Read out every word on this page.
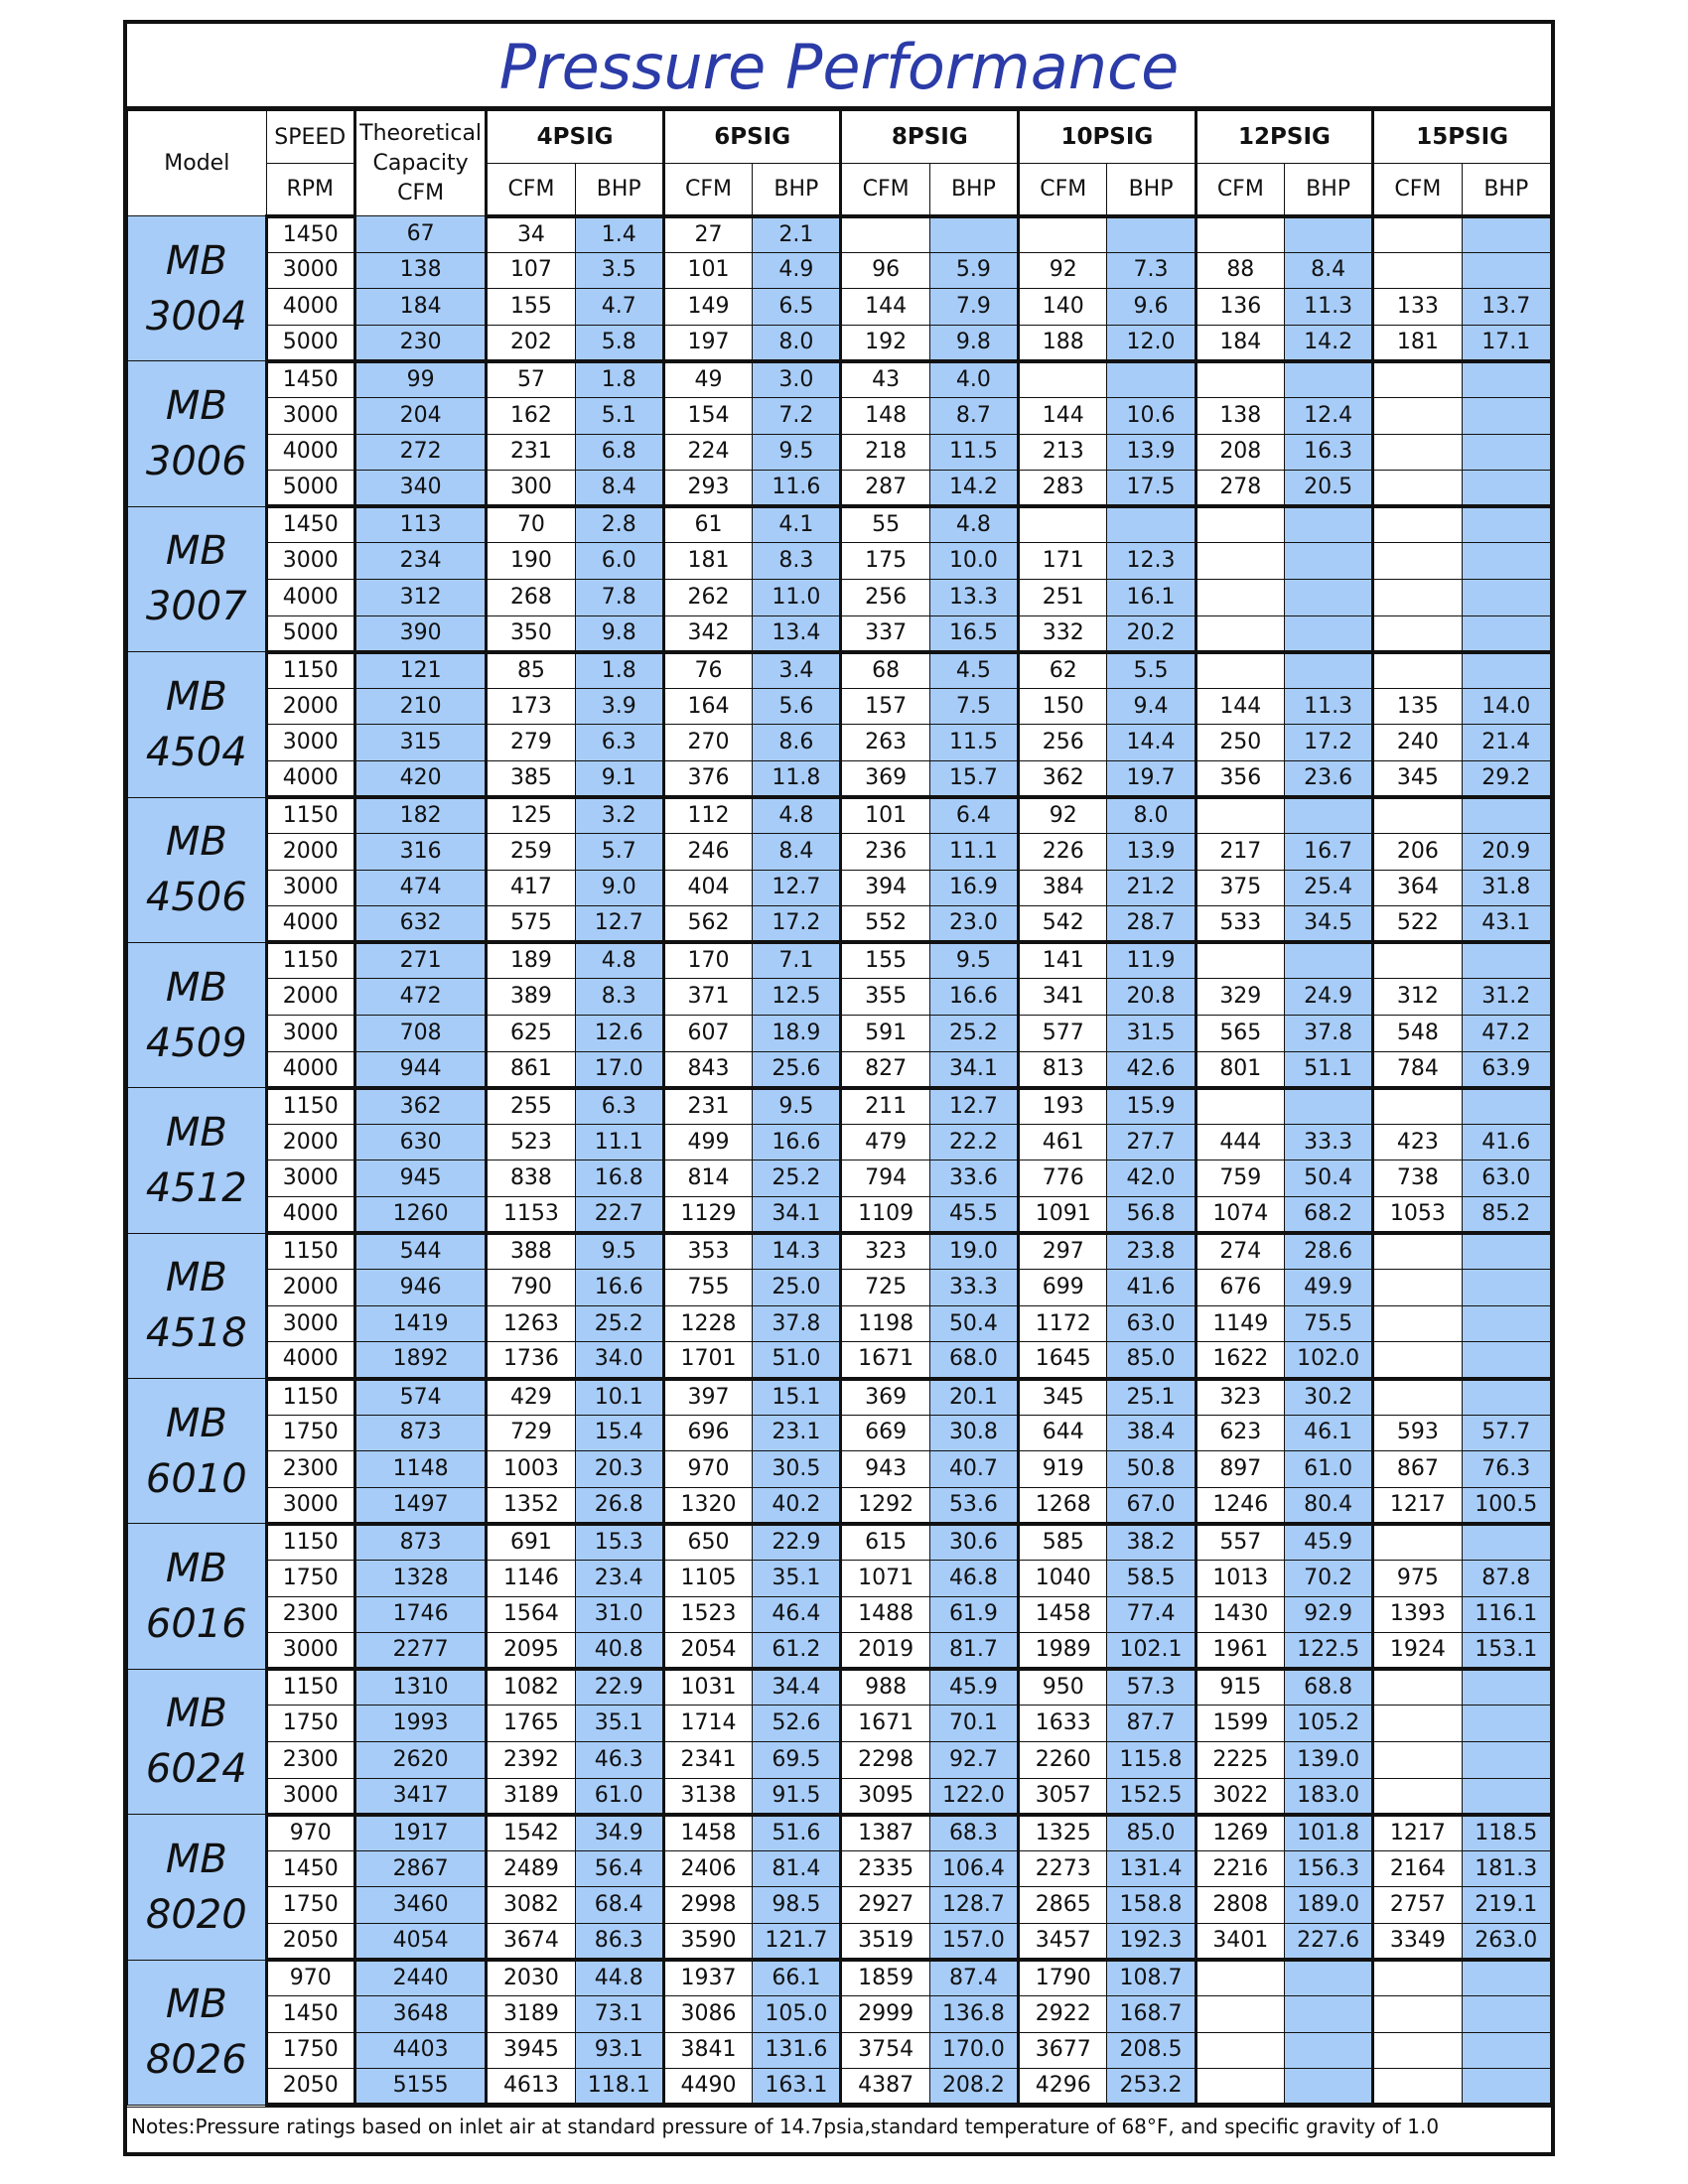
Pressure Performance
Model	SPEED	Theoretical Capacity CFM	4PSIG		6PSIG		8PSIG		10PSIG		12PSIG		15PSIG	
	RPM		CFM	BHP	CFM	BHP	CFM	BHP	CFM	BHP	CFM	BHP	CFM	BHP
MB 3004	1450	67	34	1.4	27	2.1								
	3000	138	107	3.5	101	4.9	96	5.9	92	7.3	88	8.4		
	4000	184	155	4.7	149	6.5	144	7.9	140	9.6	136	11.3	133	13.7
	5000	230	202	5.8	197	8.0	192	9.8	188	12.0	184	14.2	181	17.1
MB 3006	1450	99	57	1.8	49	3.0	43	4.0						
	3000	204	162	5.1	154	7.2	148	8.7	144	10.6	138	12.4		
	4000	272	231	6.8	224	9.5	218	11.5	213	13.9	208	16.3		
	5000	340	300	8.4	293	11.6	287	14.2	283	17.5	278	20.5		
MB 3007	1450	113	70	2.8	61	4.1	55	4.8						
	3000	234	190	6.0	181	8.3	175	10.0	171	12.3				
	4000	312	268	7.8	262	11.0	256	13.3	251	16.1				
	5000	390	350	9.8	342	13.4	337	16.5	332	20.2				
MB 4504	1150	121	85	1.8	76	3.4	68	4.5	62	5.5				
	2000	210	173	3.9	164	5.6	157	7.5	150	9.4	144	11.3	135	14.0
	3000	315	279	6.3	270	8.6	263	11.5	256	14.4	250	17.2	240	21.4
	4000	420	385	9.1	376	11.8	369	15.7	362	19.7	356	23.6	345	29.2
MB 4506	1150	182	125	3.2	112	4.8	101	6.4	92	8.0				
	2000	316	259	5.7	246	8.4	236	11.1	226	13.9	217	16.7	206	20.9
	3000	474	417	9.0	404	12.7	394	16.9	384	21.2	375	25.4	364	31.8
	4000	632	575	12.7	562	17.2	552	23.0	542	28.7	533	34.5	522	43.1
MB 4509	1150	271	189	4.8	170	7.1	155	9.5	141	11.9				
	2000	472	389	8.3	371	12.5	355	16.6	341	20.8	329	24.9	312	31.2
	3000	708	625	12.6	607	18.9	591	25.2	577	31.5	565	37.8	548	47.2
	4000	944	861	17.0	843	25.6	827	34.1	813	42.6	801	51.1	784	63.9
MB 4512	1150	362	255	6.3	231	9.5	211	12.7	193	15.9				
	2000	630	523	11.1	499	16.6	479	22.2	461	27.7	444	33.3	423	41.6
	3000	945	838	16.8	814	25.2	794	33.6	776	42.0	759	50.4	738	63.0
	4000	1260	1153	22.7	1129	34.1	1109	45.5	1091	56.8	1074	68.2	1053	85.2
MB 4518	1150	544	388	9.5	353	14.3	323	19.0	297	23.8	274	28.6		
	2000	946	790	16.6	755	25.0	725	33.3	699	41.6	676	49.9		
	3000	1419	1263	25.2	1228	37.8	1198	50.4	1172	63.0	1149	75.5		
	4000	1892	1736	34.0	1701	51.0	1671	68.0	1645	85.0	1622	102.0		
MB 6010	1150	574	429	10.1	397	15.1	369	20.1	345	25.1	323	30.2		
	1750	873	729	15.4	696	23.1	669	30.8	644	38.4	623	46.1	593	57.7
	2300	1148	1003	20.3	970	30.5	943	40.7	919	50.8	897	61.0	867	76.3
	3000	1497	1352	26.8	1320	40.2	1292	53.6	1268	67.0	1246	80.4	1217	100.5
MB 6016	1150	873	691	15.3	650	22.9	615	30.6	585	38.2	557	45.9		
	1750	1328	1146	23.4	1105	35.1	1071	46.8	1040	58.5	1013	70.2	975	87.8
	2300	1746	1564	31.0	1523	46.4	1488	61.9	1458	77.4	1430	92.9	1393	116.1
	3000	2277	2095	40.8	2054	61.2	2019	81.7	1989	102.1	1961	122.5	1924	153.1
MB 6024	1150	1310	1082	22.9	1031	34.4	988	45.9	950	57.3	915	68.8		
	1750	1993	1765	35.1	1714	52.6	1671	70.1	1633	87.7	1599	105.2		
	2300	2620	2392	46.3	2341	69.5	2298	92.7	2260	115.8	2225	139.0		
	3000	3417	3189	61.0	3138	91.5	3095	122.0	3057	152.5	3022	183.0		
MB 8020	970	1917	1542	34.9	1458	51.6	1387	68.3	1325	85.0	1269	101.8	1217	118.5
	1450	2867	2489	56.4	2406	81.4	2335	106.4	2273	131.4	2216	156.3	2164	181.3
	1750	3460	3082	68.4	2998	98.5	2927	128.7	2865	158.8	2808	189.0	2757	219.1
	2050	4054	3674	86.3	3590	121.7	3519	157.0	3457	192.3	3401	227.6	3349	263.0
MB 8026	970	2440	2030	44.8	1937	66.1	1859	87.4	1790	108.7				
	1450	3648	3189	73.1	3086	105.0	2999	136.8	2922	168.7				
	1750	4403	3945	93.1	3841	131.6	3754	170.0	3677	208.5				
	2050	5155	4613	118.1	4490	163.1	4387	208.2	4296	253.2				
Notes:Pressure ratings based on inlet air at standard pressure of 14.7psia,standard temperature of 68°F, and specific gravity of 1.0
